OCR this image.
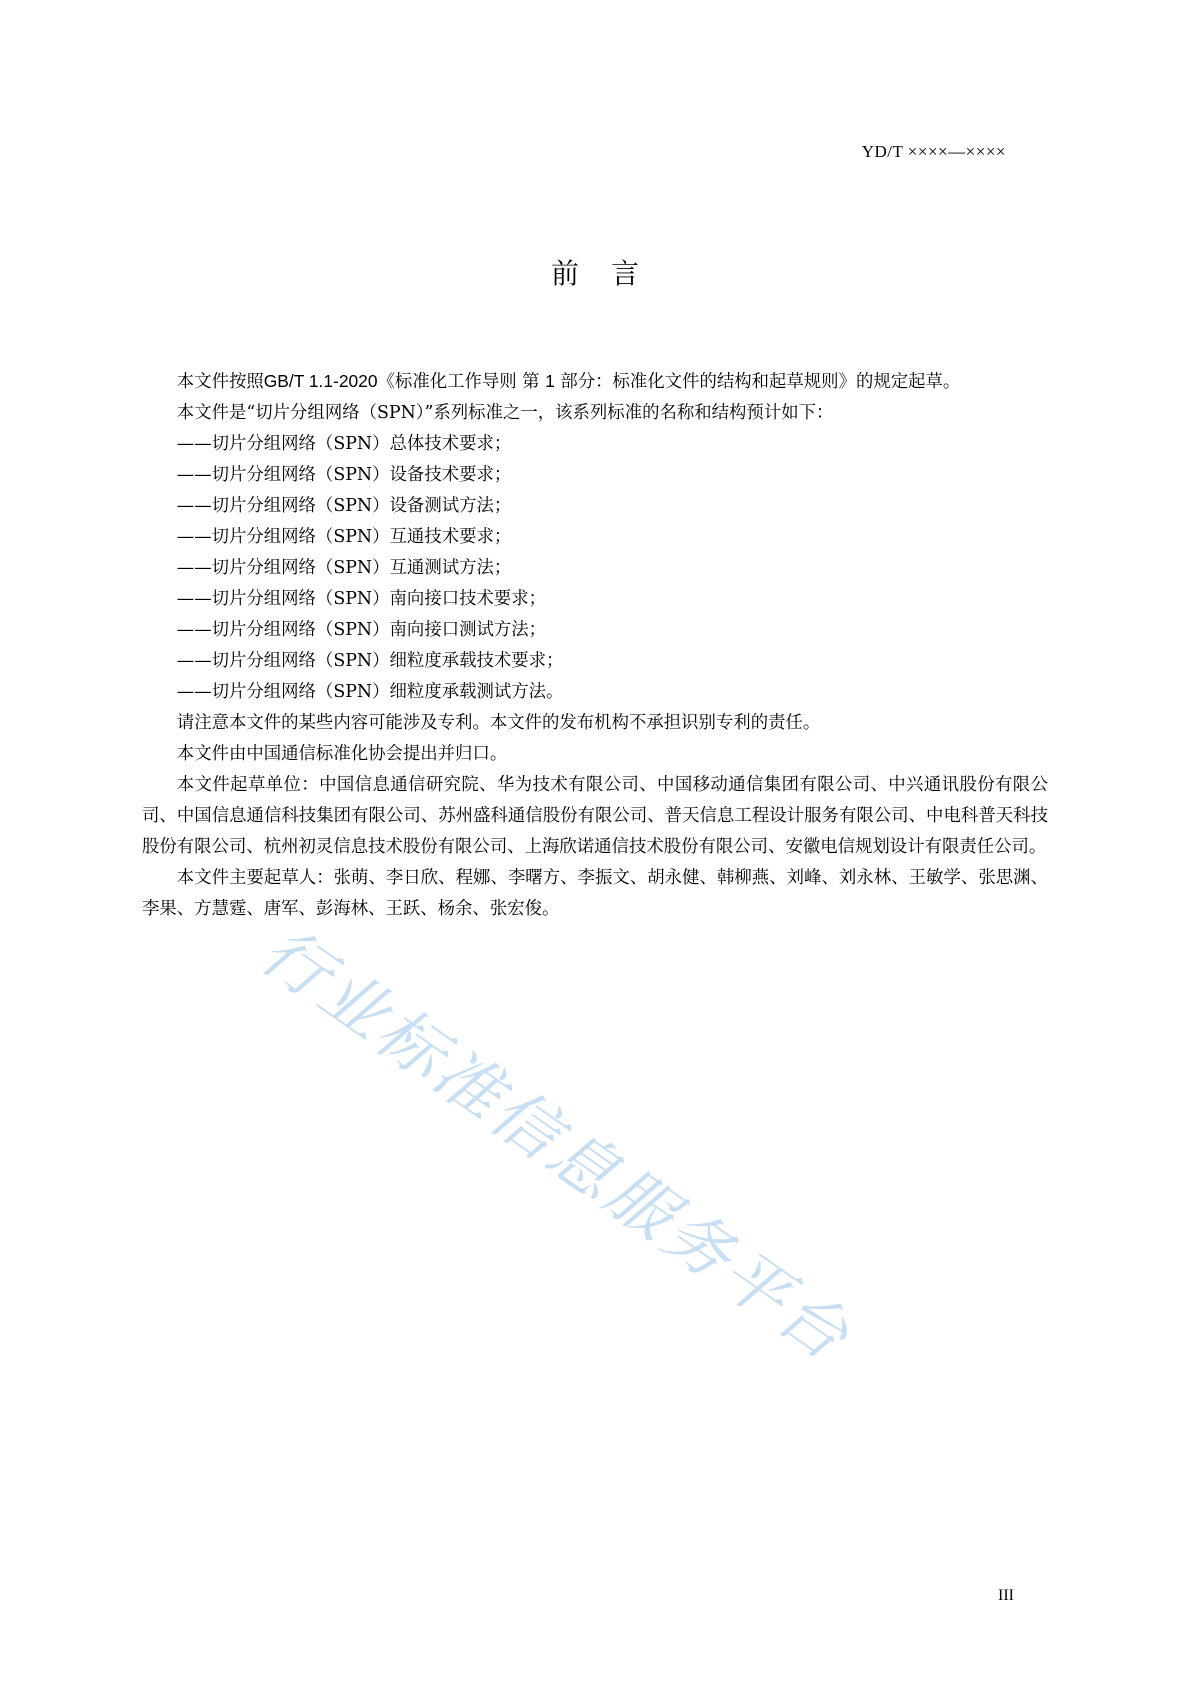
YD/T ××××—××××
前言

本文件按照GB/T 1.1-2020《标准化工作导则 第 1 部分：标准化文件的结构和起草规则》的规定起草。

本文件是“切片分组网络（SPN）”系列标准之一，该系列标准的名称和结构预计如下：

——切片分组网络（SPN）总体技术要求；
——切片分组网络（SPN）设备技术要求；
——切片分组网络（SPN）设备测试方法；
——切片分组网络（SPN）互通技术要求；
——切片分组网络（SPN）互通测试方法；
——切片分组网络（SPN）南向接口技术要求；
——切片分组网络（SPN）南向接口测试方法；
——切片分组网络（SPN）细粒度承载技术要求；
——切片分组网络（SPN）细粒度承载测试方法。

请注意本文件的某些内容可能涉及专利。本文件的发布机构不承担识别专利的责任。

本文件由中国通信标准化协会提出并归口。

本文件起草单位：中国信息通信研究院、华为技术有限公司、中国移动通信集团有限公司、中兴通讯股份有限公司、中国信息通信科技集团有限公司、苏州盛科通信股份有限公司、普天信息工程设计服务有限公司、中电科普天科技股份有限公司、杭州初灵信息技术股份有限公司、上海欣诺通信技术股份有限公司、安徽电信规划设计有限责任公司。

本文件主要起草人：张萌、李日欣、程娜、李曙方、李振文、胡永健、韩柳燕、刘峰、刘永林、王敏学、张思渊、李果、方慧霆、唐军、彭海林、王跃、杨余、张宏俊。

行业标准信息服务平台
III
